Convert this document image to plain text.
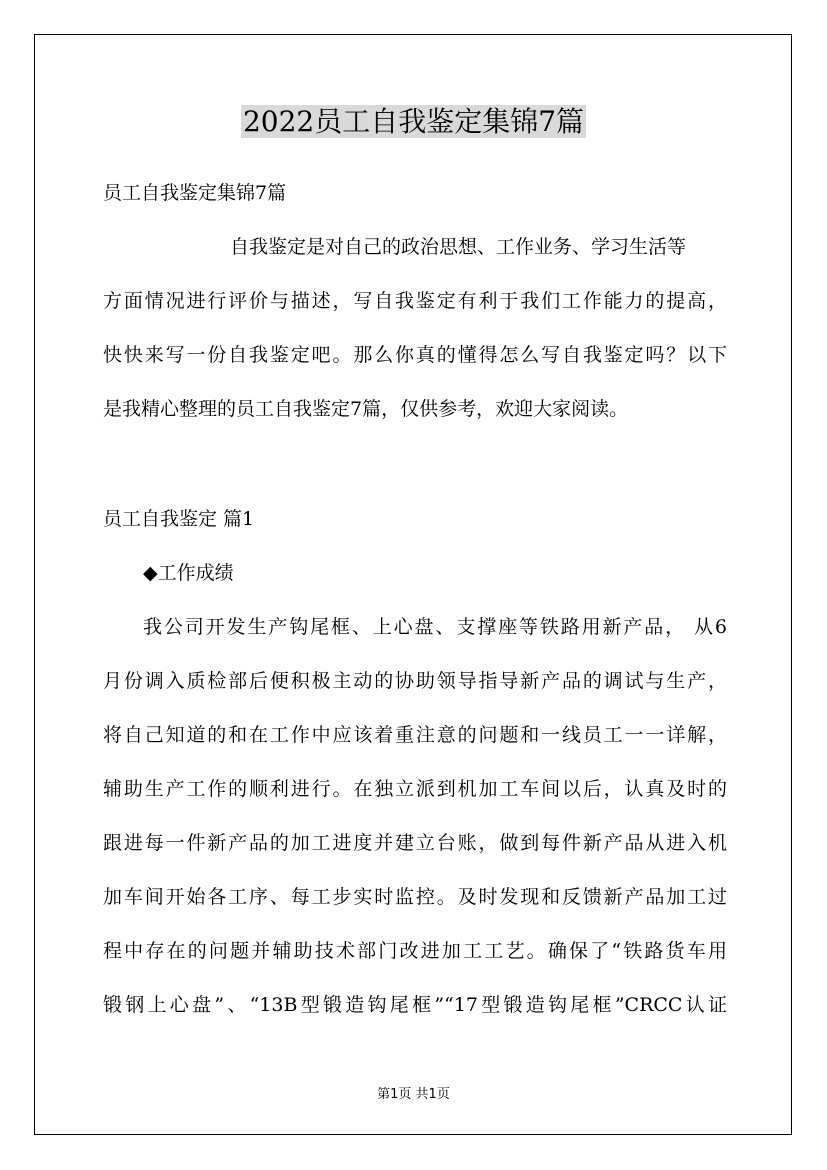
2022员工自我鉴定集锦7篇

员工自我鉴定集锦7篇

自我鉴定是对自己的政治思想、工作业务、学习生活等

方面情况进行评价与描述，写自我鉴定有利于我们工作能力的提高，

快快来写一份自我鉴定吧。那么你真的懂得怎么写自我鉴定吗？以下

是我精心整理的员工自我鉴定7篇，仅供参考，欢迎大家阅读。

员工自我鉴定 篇1

◆工作成绩

我公司开发生产钩尾框、上心盘、支撑座等铁路用新产品， 从6

月份调入质检部后便积极主动的协助领导指导新产品的调试与生产，

将自己知道的和在工作中应该着重注意的问题和一线员工一一详解，

辅助生产工作的顺利进行。在独立派到机加工车间以后，认真及时的

跟进每一件新产品的加工进度并建立台账，做到每件新产品从进入机

加车间开始各工序、每工步实时监控。及时发现和反馈新产品加工过

程中存在的问题并辅助技术部门改进加工工艺。确保了“铁路货车用

锻钢上心盘”、“13B型锻造钩尾框”“17型锻造钩尾框”CRCC认证

第1页 共1页
